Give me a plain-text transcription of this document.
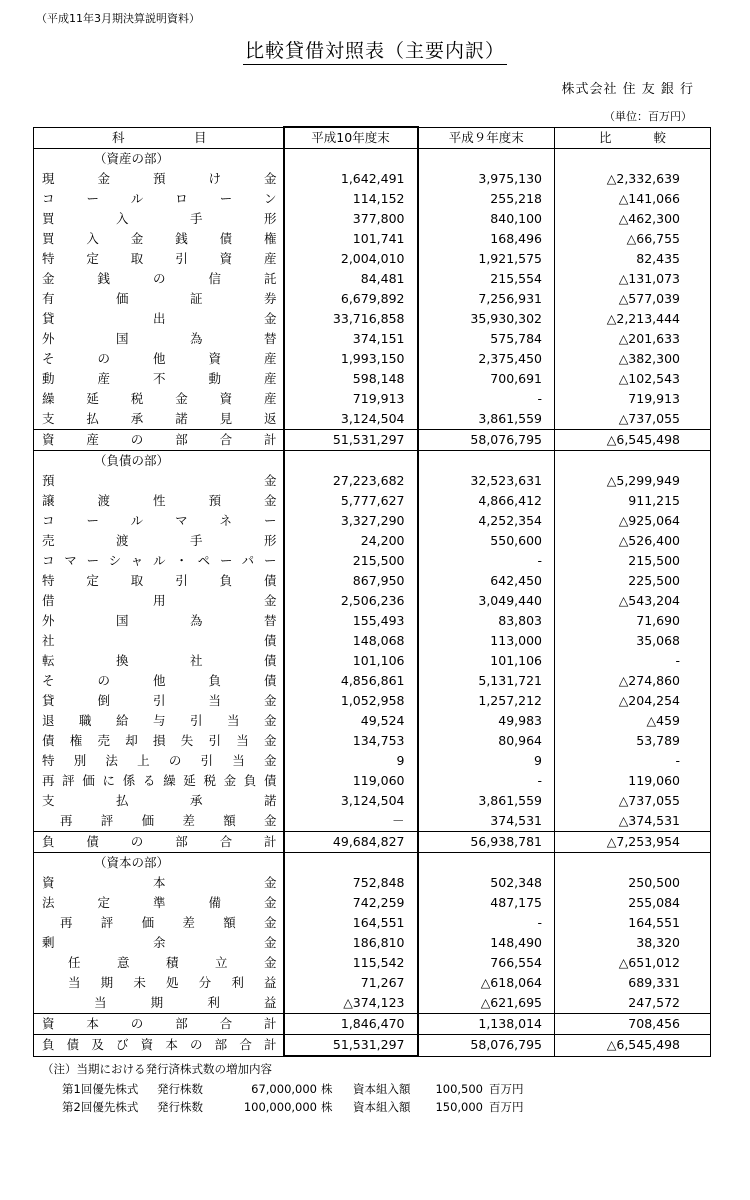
（平成11年3月期決算説明資料）
比較貸借対照表（主要内訳）
株式会社 住 友 銀 行
（単位：百万円）
科目	平成10年度末	平成９年度末	比較
（資産の部）			
現金預け金	1,642,491	3,975,130	△2,332,639
コールローン	114,152	255,218	△141,066
買入手形	377,800	840,100	△462,300
買入金銭債権	101,741	168,496	△66,755
特定取引資産	2,004,010	1,921,575	82,435
金銭の信託	84,481	215,554	△131,073
有価証券	6,679,892	7,256,931	△577,039
貸出金	33,716,858	35,930,302	△2,213,444
外国為替	374,151	575,784	△201,633
その他資産	1,993,150	2,375,450	△382,300
動産不動産	598,148	700,691	△102,543
繰延税金資産	719,913	-	719,913
支払承諾見返	3,124,504	3,861,559	△737,055
資産の部合計	51,531,297	58,076,795	△6,545,498
（負債の部）			
預金	27,223,682	32,523,631	△5,299,949
譲渡性預金	5,777,627	4,866,412	911,215
コールマネー	3,327,290	4,252,354	△925,064
売渡手形	24,200	550,600	△526,400
コマーシャル・ペーパー	215,500	-	215,500
特定取引負債	867,950	642,450	225,500
借用金	2,506,236	3,049,440	△543,204
外国為替	155,493	83,803	71,690
社債	148,068	113,000	35,068
転換社債	101,106	101,106	-
その他負債	4,856,861	5,131,721	△274,860
貸倒引当金	1,052,958	1,257,212	△204,254
退職給与引当金	49,524	49,983	△459
債権売却損失引当金	134,753	80,964	53,789
特別法上の引当金	9	9	-
再評価に係る繰延税金負債	119,060	-	119,060
支払承諾	3,124,504	3,861,559	△737,055
再評価差額金	－	374,531	△374,531
負債の部合計	49,684,827	56,938,781	△7,253,954
（資本の部）			
資本金	752,848	502,348	250,500
法定準備金	742,259	487,175	255,084
再評価差額金	164,551	-	164,551
剰余金	186,810	148,490	38,320
任意積立金	115,542	766,554	△651,012
当期未処分利益	71,267	△618,064	689,331
当期利益	△374,123	△621,695	247,572
資本の部合計	1,846,470	1,138,014	708,456
負債及び資本の部合計	51,531,297	58,076,795	△6,545,498
（注）当期における発行済株式数の増加内容
第1回優先株式 発行株数	67,000,000 株 資本組入額 100,500 百万円
第2回優先株式 発行株数	100,000,000 株 資本組入額 150,000 百万円
